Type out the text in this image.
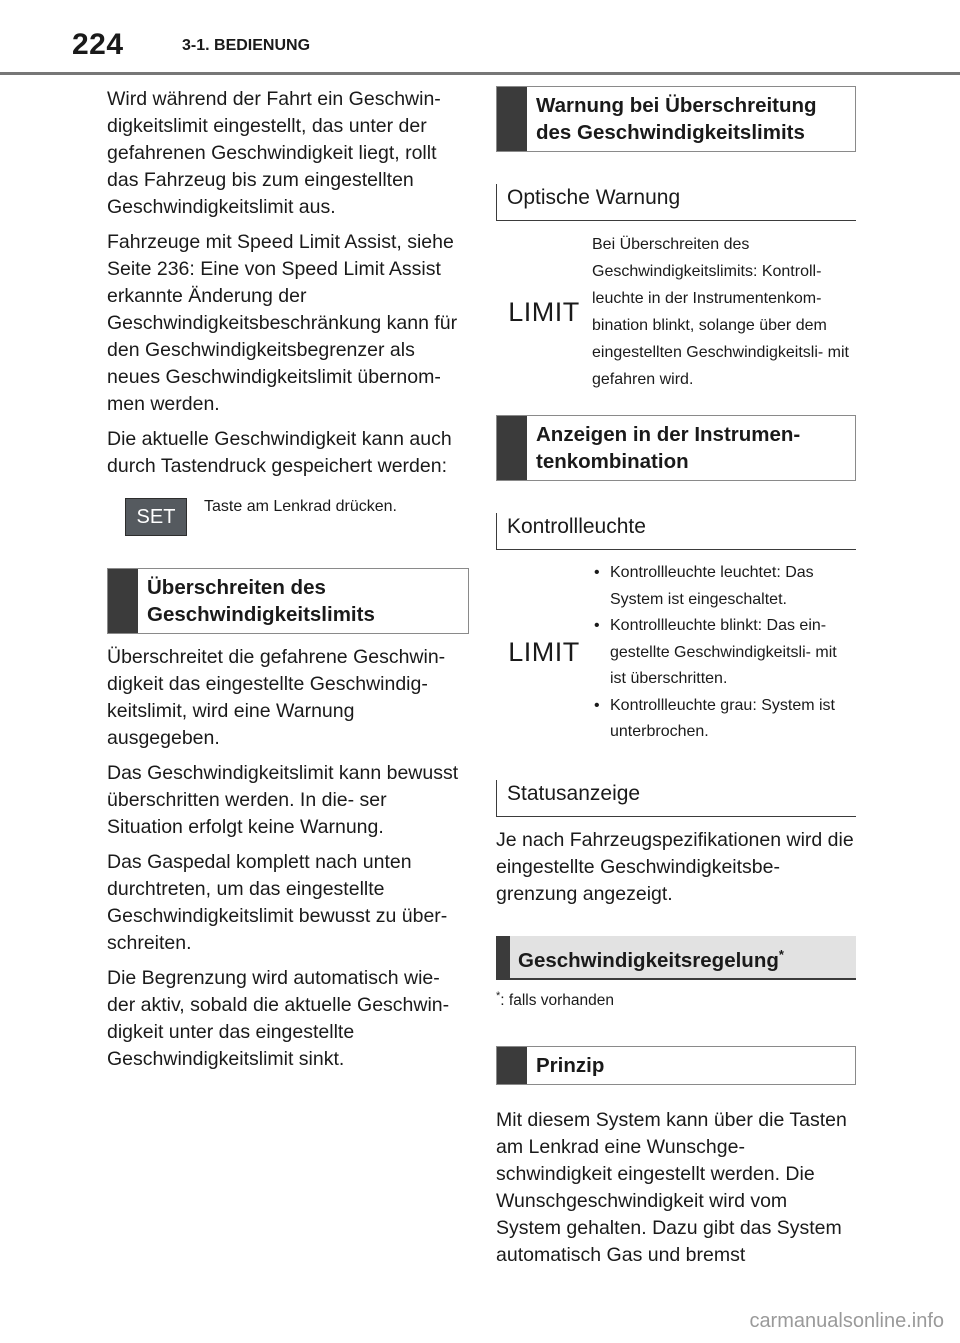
224	3-1. BEDIENUNG

Wird während der Fahrt ein Geschwin- digkeitslimit eingestellt, das unter der gefahrenen Geschwindigkeit liegt, rollt das Fahrzeug bis zum eingestellten Geschwindigkeitslimit aus.

Fahrzeuge mit Speed Limit Assist, siehe Seite 236: Eine von Speed Limit Assist erkannte Änderung der Geschwindigkeitsbeschränkung kann für den Geschwindigkeitsbegrenzer als neues Geschwindigkeitslimit übernom- men werden.

Die aktuelle Geschwindigkeit kann auch durch Tastendruck gespeichert werden:

SET	Taste am Lenkrad drücken.
Überschreiten des Geschwindigkeitslimits

Überschreitet die gefahrene Geschwin- digkeit das eingestellte Geschwindig- keitslimit, wird eine Warnung ausgegeben.

Das Geschwindigkeitslimit kann bewusst überschritten werden. In die- ser Situation erfolgt keine Warnung.

Das Gaspedal komplett nach unten durchtreten, um das eingestellte Geschwindigkeitslimit bewusst zu über- schreiten.

Die Begrenzung wird automatisch wie- der aktiv, sobald die aktuelle Geschwin- digkeit unter das eingestellte Geschwindigkeitslimit sinkt.

Warnung bei Überschreitung des Geschwindigkeitslimits
Optische Warnung
LIMIT
Bei Überschreiten des Geschwindigkeitslimits: Kontroll- leuchte in der Instrumentenkom- bination blinkt, solange über dem eingestellten Geschwindigkeitsli- mit gefahren wird.
Anzeigen in der Instrumen- tenkombination
Kontrollleuchte
LIMIT
• Kontrollleuchte leuchtet: Das System ist eingeschaltet.
• Kontrollleuchte blinkt: Das ein- gestellte Geschwindigkeitsli- mit ist überschritten.
• Kontrollleuchte grau: System ist unterbrochen.
Statusanzeige

Je nach Fahrzeugspezifikationen wird die eingestellte Geschwindigkeitsbe- grenzung angezeigt.

Geschwindigkeitsregelung*
*: falls vorhanden
Prinzip

Mit diesem System kann über die Tasten am Lenkrad eine Wunschge- schwindigkeit eingestellt werden. Die Wunschgeschwindigkeit wird vom System gehalten. Dazu gibt das System automatisch Gas und bremst

carmanualsonline.info
